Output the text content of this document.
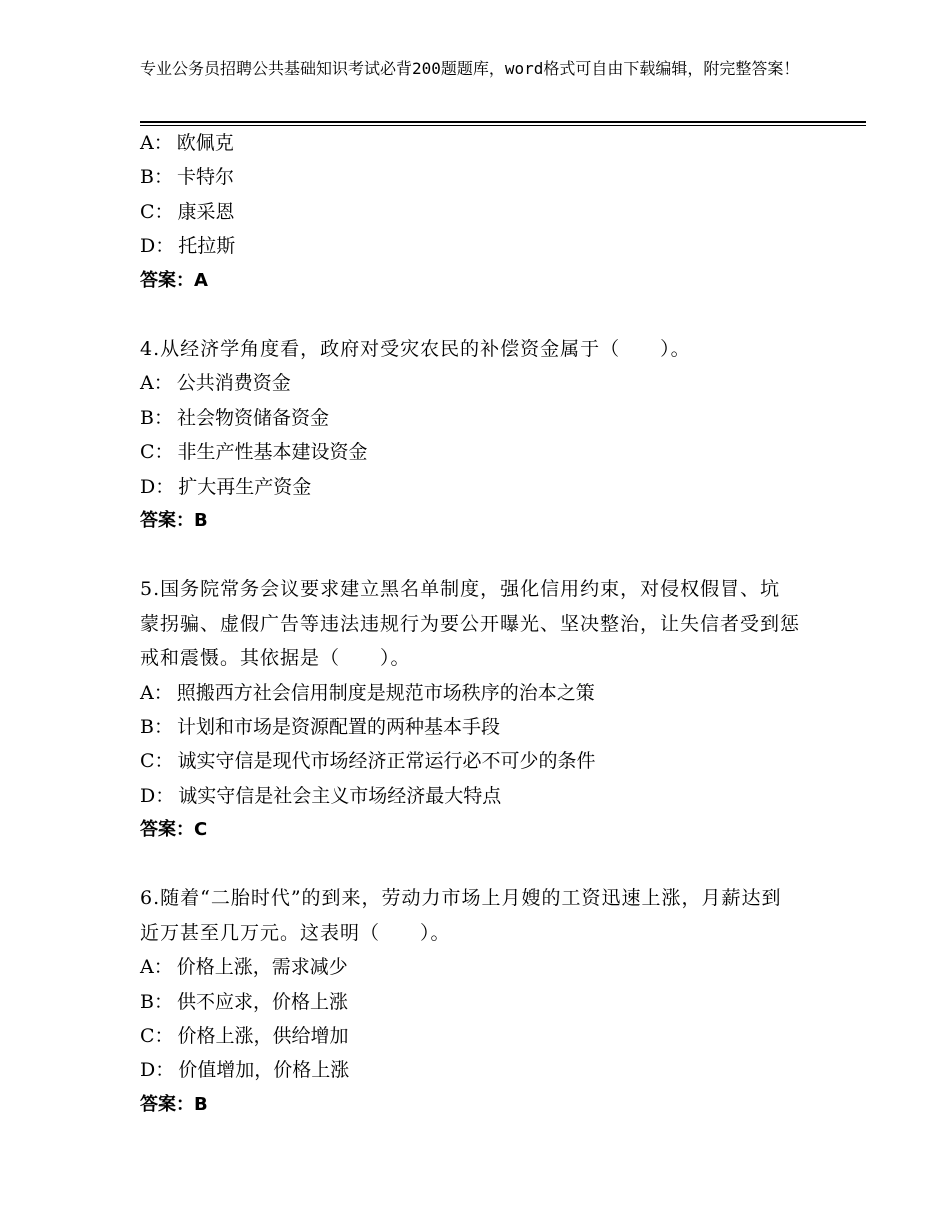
专业公务员招聘公共基础知识考试必背200题题库，word格式可自由下载编辑，附完整答案！
A： 欧佩克
B： 卡特尔
C： 康采恩
D： 托拉斯
答案：A
4.从经济学角度看，政府对受灾农民的补偿资金属于（　　）。
A： 公共消费资金
B： 社会物资储备资金
C： 非生产性基本建设资金
D： 扩大再生产资金
答案：B
5.国务院常务会议要求建立黑名单制度，强化信用约束，对侵权假冒、坑蒙拐骗、虚假广告等违法违规行为要公开曝光、坚决整治，让失信者受到惩戒和震慑。其依据是（　　）。
A： 照搬西方社会信用制度是规范市场秩序的治本之策
B： 计划和市场是资源配置的两种基本手段
C： 诚实守信是现代市场经济正常运行必不可少的条件
D： 诚实守信是社会主义市场经济最大特点
答案：C
6.随着“二胎时代”的到来，劳动力市场上月嫂的工资迅速上涨，月薪达到近万甚至几万元。这表明（　　）。
A： 价格上涨，需求减少
B： 供不应求，价格上涨
C： 价格上涨，供给增加
D： 价值增加，价格上涨
答案：B
